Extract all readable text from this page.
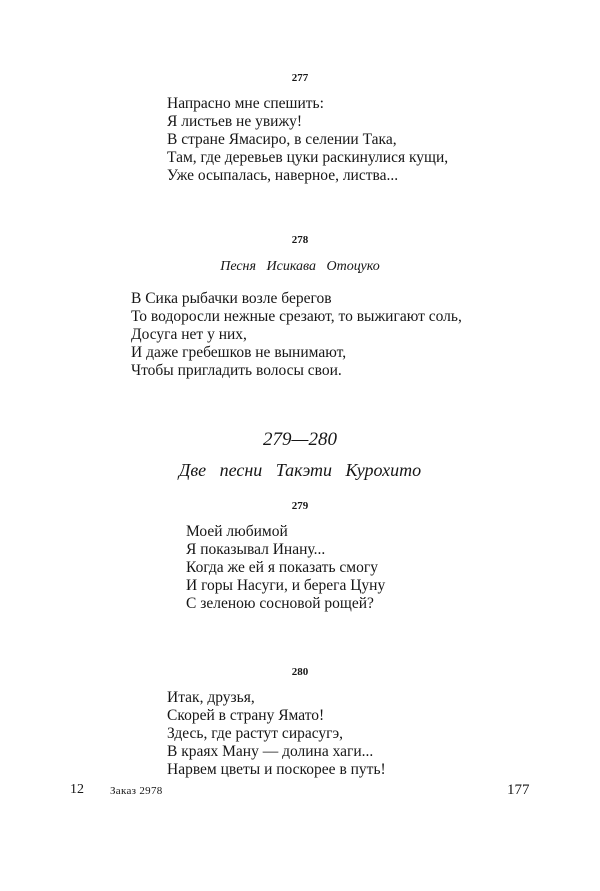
277
Напрасно мне спешить:
Я листьев не увижу!
В стране Ямасиро, в селении Така,
Там, где деревьев цуки раскинулися кущи,
Уже осыпалась, наверное, листва...
278
Песня   Исикава   Отоцуко
В Сика рыбачки возле берегов
То водоросли нежные срезают, то выжигают соль,
Досуга нет у них,
И даже гребешков не вынимают,
Чтобы пригладить волосы свои.
279—280
Две   песни   Такэти   Курохито
279
Моей любимой
Я показывал Инану...
Когда же ей я показать смогу
И горы Насуги, и берега Цуну
С зеленою сосновой рощей?
280
Итак, друзья,
Скорей в страну Ямато!
Здесь, где растут сирасугэ,
В краях Ману — долина хаги...
Нарвем цветы и поскорее в путь!
12 Заказ 2978	177
